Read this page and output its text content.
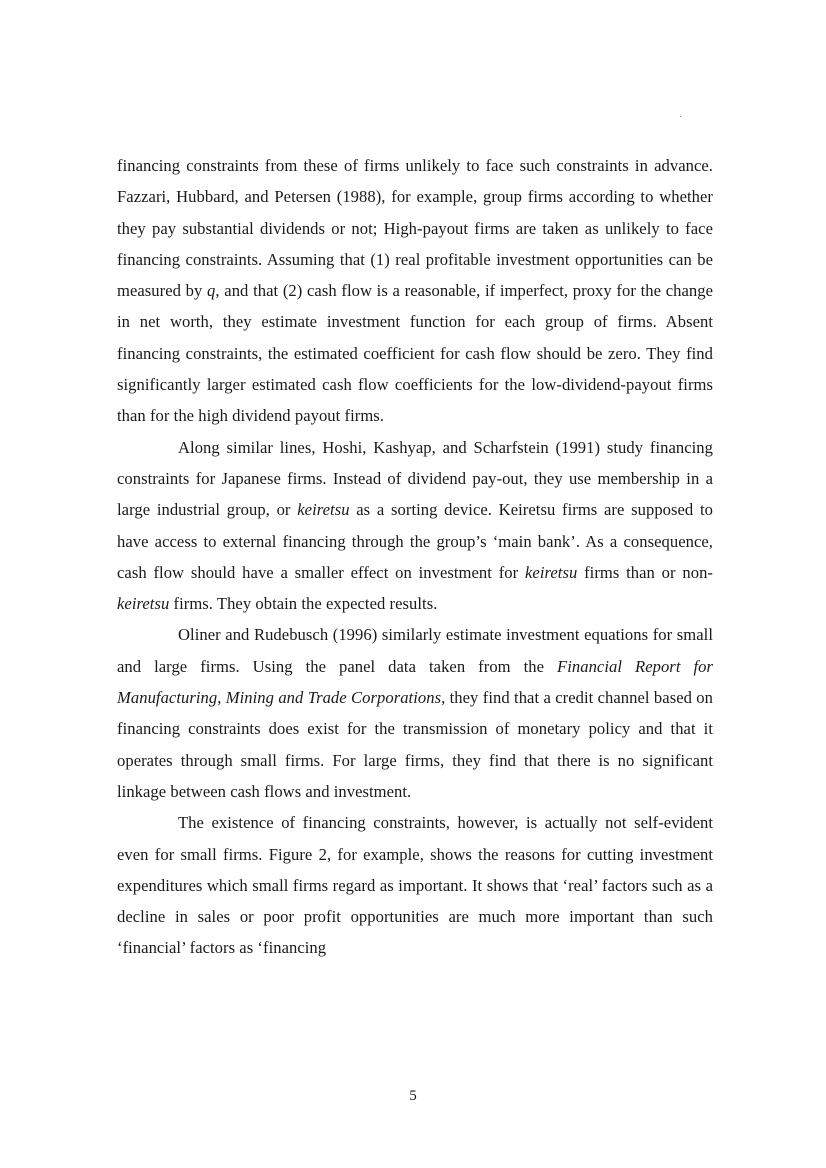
financing constraints from these of firms unlikely to face such constraints in advance. Fazzari, Hubbard, and Petersen (1988), for example, group firms according to whether they pay substantial dividends or not; High-payout firms are taken as unlikely to face financing constraints. Assuming that (1) real profitable investment opportunities can be measured by q, and that (2) cash flow is a reasonable, if imperfect, proxy for the change in net worth, they estimate investment function for each group of firms. Absent financing constraints, the estimated coefficient for cash flow should be zero. They find significantly larger estimated cash flow coefficients for the low-dividend-payout firms than for the high dividend payout firms.

Along similar lines, Hoshi, Kashyap, and Scharfstein (1991) study financing constraints for Japanese firms. Instead of dividend pay-out, they use membership in a large industrial group, or keiretsu as a sorting device. Keiretsu firms are supposed to have access to external financing through the group’s ‘main bank’. As a consequence, cash flow should have a smaller effect on investment for keiretsu firms than or non-keiretsu firms. They obtain the expected results.

Oliner and Rudebusch (1996) similarly estimate investment equations for small and large firms. Using the panel data taken from the Financial Report for Manufacturing, Mining and Trade Corporations, they find that a credit channel based on financing constraints does exist for the transmission of monetary policy and that it operates through small firms. For large firms, they find that there is no significant linkage between cash flows and investment.

The existence of financing constraints, however, is actually not self-evident even for small firms. Figure 2, for example, shows the reasons for cutting investment expenditures which small firms regard as important. It shows that ‘real’ factors such as a decline in sales or poor profit opportunities are much more important than such ‘financial’ factors as ‘financing

5
